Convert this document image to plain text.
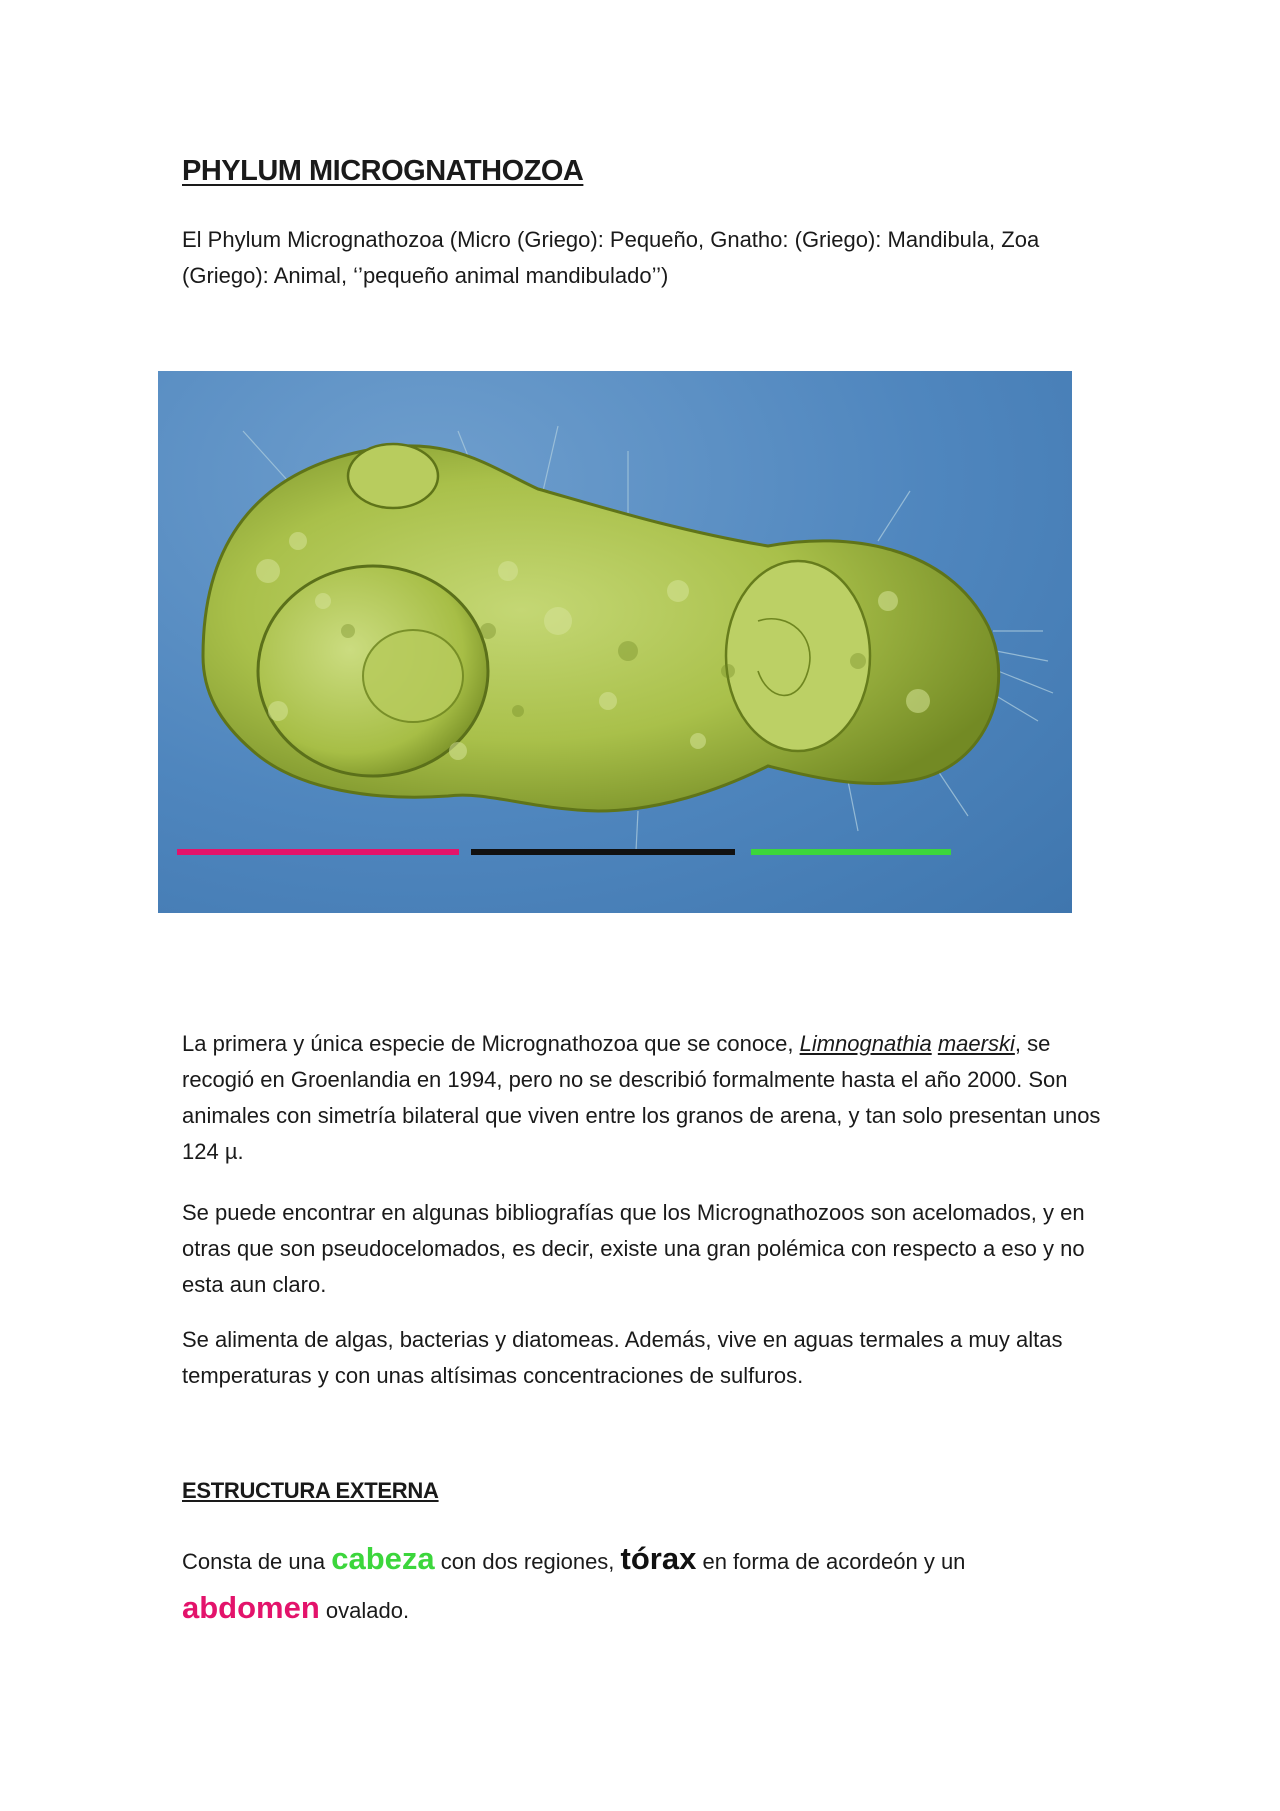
PHYLUM MICROGNATHOZOA

El Phylum Micrognathozoa (Micro (Griego): Pequeño, Gnatho: (Griego): Mandibula, Zoa (Griego): Animal, ‘’pequeño animal mandibulado’’)

La primera y única especie de Micrognathozoa que se conoce, Limnognathia maerski, se recogió en Groenlandia en 1994, pero no se describió formalmente hasta el año 2000. Son animales con simetría bilateral que viven entre los granos de arena, y tan solo presentan unos 124 µ.

Se puede encontrar en algunas bibliografías que los Micrognathozoos son acelomados, y en otras que son pseudocelomados, es decir, existe una gran polémica con respecto a eso y no esta aun claro.

Se alimenta de algas, bacterias y diatomeas. Además, vive en aguas termales a muy altas temperaturas y con unas altísimas concentraciones de sulfuros.

ESTRUCTURA EXTERNA

Consta de una cabeza con dos regiones, tórax en forma de acordeón y un abdomen ovalado.
